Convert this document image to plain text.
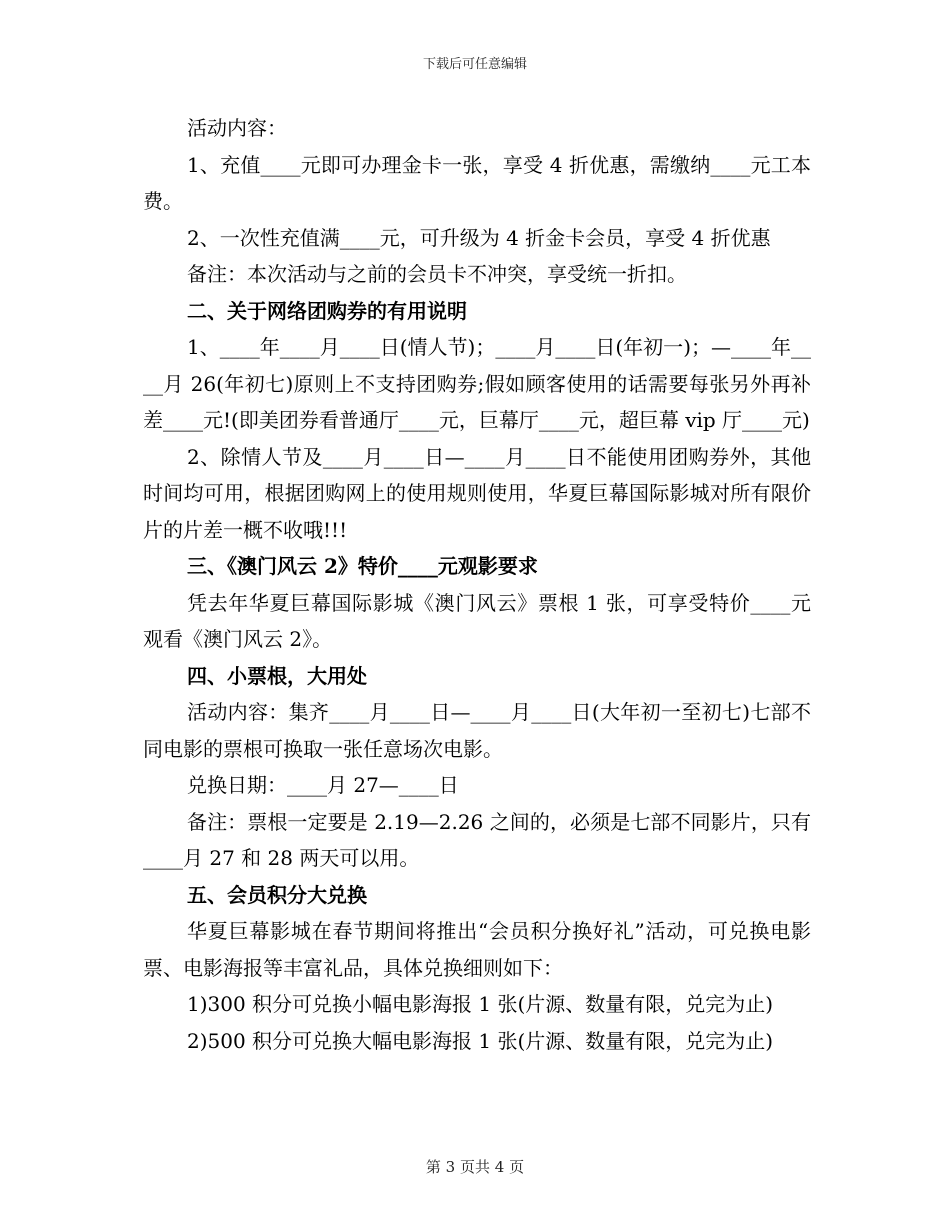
下载后可任意编辑

活动内容：

1、充值____元即可办理金卡一张，享受 4 折优惠，需缴纳____元工本费。

2、一次性充值满____元，可升级为 4 折金卡会员，享受 4 折优惠

备注：本次活动与之前的会员卡不冲突，享受统一折扣。

二、关于网络团购券的有用说明

1、____年____月____日(情人节)；____月____日(年初一)；—____年____月 26(年初七)原则上不支持团购券;假如顾客使用的话需要每张另外再补差____元!(即美团券看普通厅____元，巨幕厅____元，超巨幕 vip 厅____元)

2、除情人节及____月____日—____月____日不能使用团购券外，其他时间均可用，根据团购网上的使用规则使用，华夏巨幕国际影城对所有限价片的片差一概不收哦!!!

三、《澳门风云 2》特价____元观影要求

凭去年华夏巨幕国际影城《澳门风云》票根 1 张，可享受特价____元观看《澳门风云 2》。

四、小票根，大用处

活动内容：集齐____月____日—____月____日(大年初一至初七)七部不同电影的票根可换取一张任意场次电影。

兑换日期：____月 27—____日

备注：票根一定要是 2.19—2.26 之间的，必须是七部不同影片，只有____月 27 和 28 两天可以用。

五、会员积分大兑换

华夏巨幕影城在春节期间将推出“会员积分换好礼”活动，可兑换电影票、电影海报等丰富礼品，具体兑换细则如下：

1)300 积分可兑换小幅电影海报 1 张(片源、数量有限，兑完为止)

2)500 积分可兑换大幅电影海报 1 张(片源、数量有限，兑完为止)

第 3 页共 4 页
